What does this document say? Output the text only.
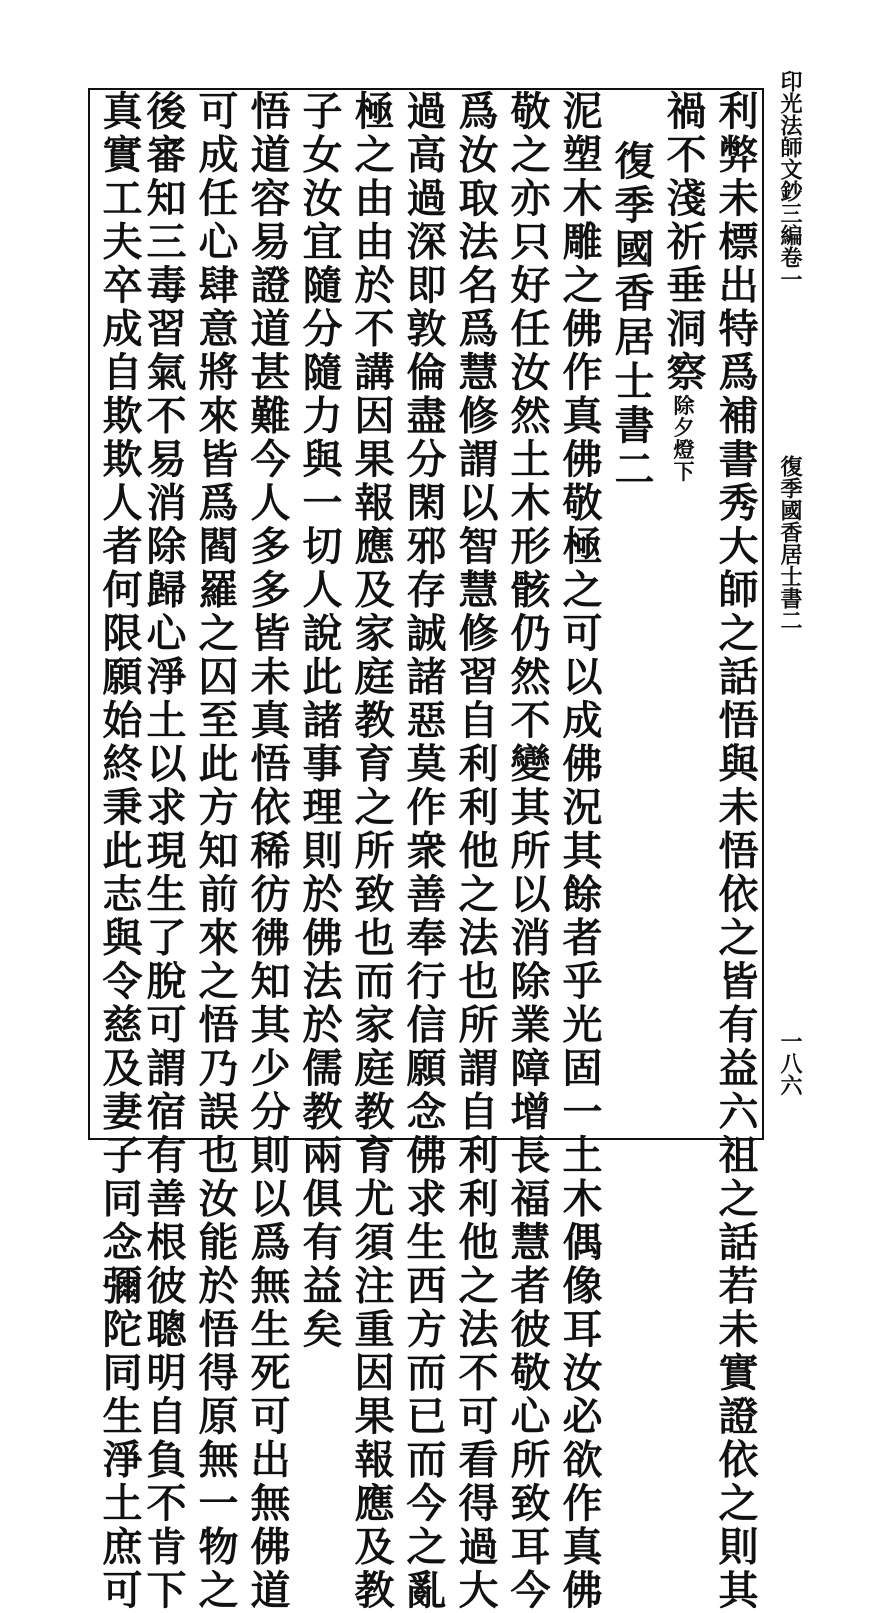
印光法師文鈔三編卷一
復季國香居士書二
一八六
利弊未標出特爲補書秀大師之話悟與未悟依之皆有益六祖之話若未實證依之則其
禍不淺祈垂洞察除夕燈下
復季國香居士書二
泥塑木雕之佛作真佛敬極之可以成佛況其餘者乎光固一土木偶像耳汝必欲作真佛
敬之亦只好任汝然土木形骸仍然不變其所以消除業障增長福慧者彼敬心所致耳今
爲汝取法名爲慧修謂以智慧修習自利利他之法也所謂自利利他之法不可看得過大
過高過深即敦倫盡分閑邪存誠諸惡莫作衆善奉行信願念佛求生西方而已而今之亂
極之由由於不講因果報應及家庭教育之所致也而家庭教育尤須注重因果報應及教
子女汝宜隨分隨力與一切人說此諸事理則於佛法於儒教兩俱有益矣
悟道容易證道甚難今人多多皆未真悟依稀彷彿知其少分則以爲無生死可出無佛道
可成任心肆意將來皆爲閻羅之囚至此方知前來之悟乃誤也汝能於悟得原無一物之
後審知三毒習氣不易消除歸心淨土以求現生了脫可謂宿有善根彼聰明自負不肯下
真實工夫卒成自欺欺人者何限願始終秉此志與令慈及妻子同念彌陀同生淨土庶可
